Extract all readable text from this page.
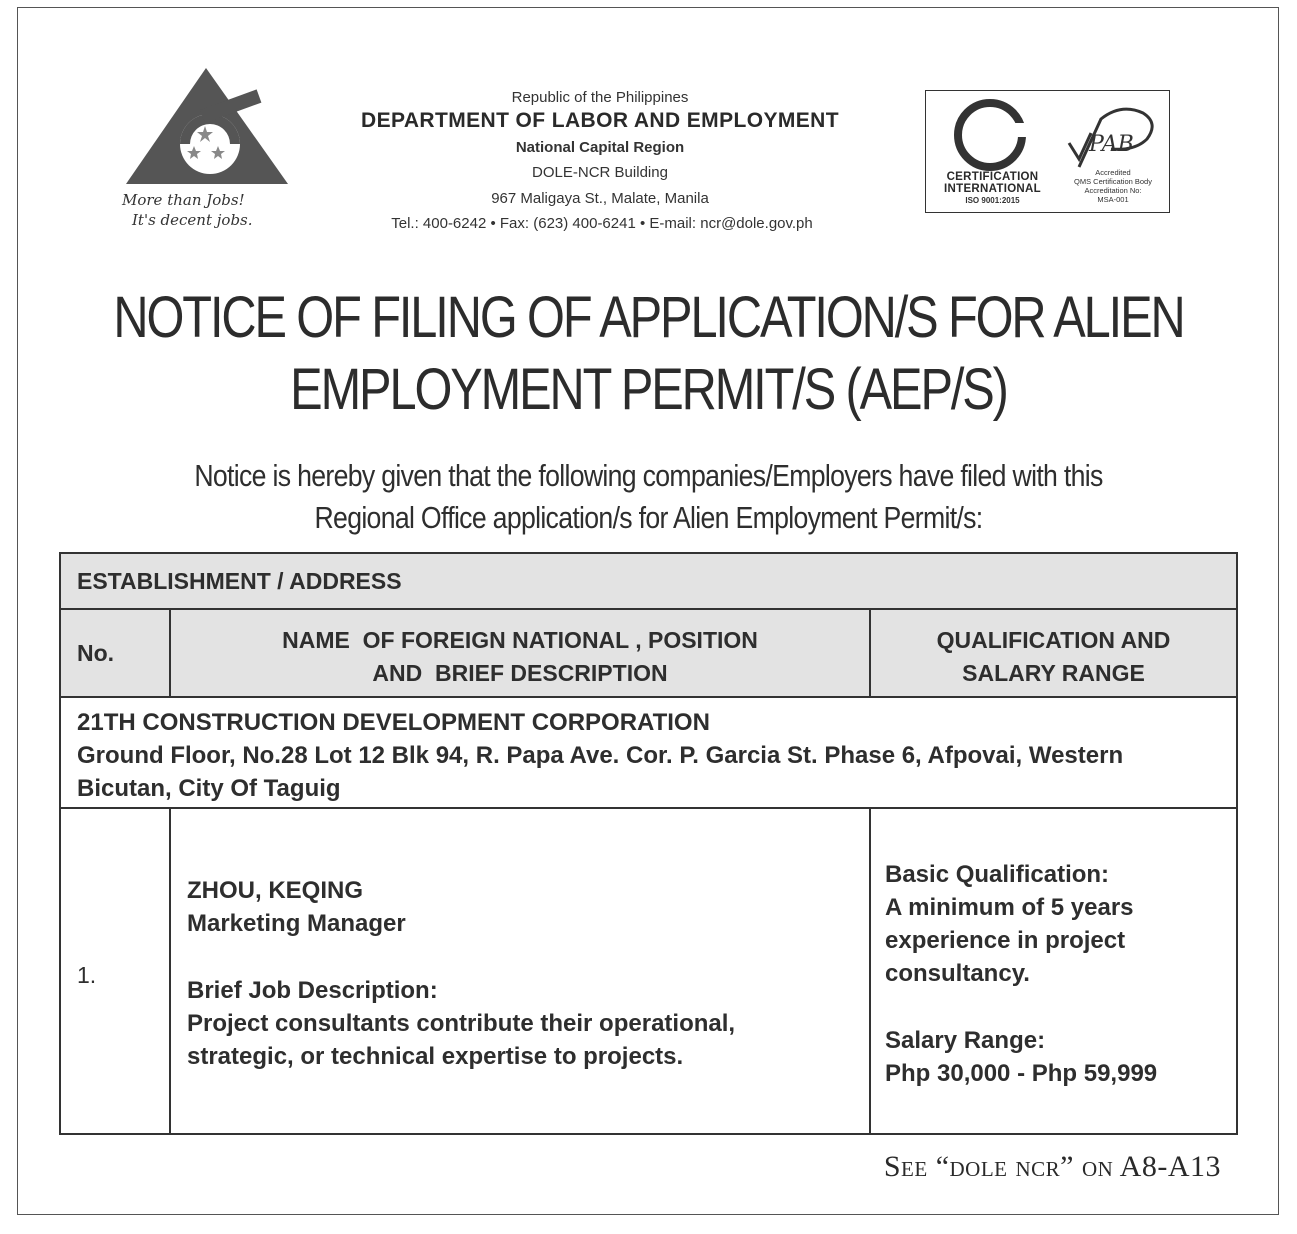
More than Jobs!
It's decent jobs.
Republic of the Philippines
DEPARTMENT OF LABOR AND EMPLOYMENT
National Capital Region
DOLE-NCR Building
967 Maligaya St., Malate, Manila
Tel.: 400-6242 • Fax: (623) 400-6241 • E-mail: ncr@dole.gov.ph
CERTIFICATION
INTERNATIONAL
ISO 9001:2015
PAB
Accredited
QMS Certification Body
Accreditation No:
MSA-001
NOTICE OF FILING OF APPLICATION/S FOR ALIEN
EMPLOYMENT PERMIT/S (AEP/S)
Notice is hereby given that the following companies/Employers have filed with this
Regional Office application/s for Alien Employment Permit/s:
ESTABLISHMENT / ADDRESS
No.	NAME  OF FOREIGN NATIONAL , POSITION
AND  BRIEF DESCRIPTION
QUALIFICATION AND
SALARY RANGE
21TH CONSTRUCTION DEVELOPMENT CORPORATION
Ground Floor, No.28 Lot 12 Blk 94, R. Papa Ave. Cor. P. Garcia St. Phase 6, Afpovai, Western Bicutan, City Of Taguig
1.
ZHOU, KEQING
Marketing Manager
Brief Job Description:
Project consultants contribute their operational, strategic, or technical expertise to projects.
Basic Qualification:
A minimum of 5 years experience in project consultancy.
Salary Range:
Php 30,000 - Php 59,999
See “dole ncr” on A8-A13
